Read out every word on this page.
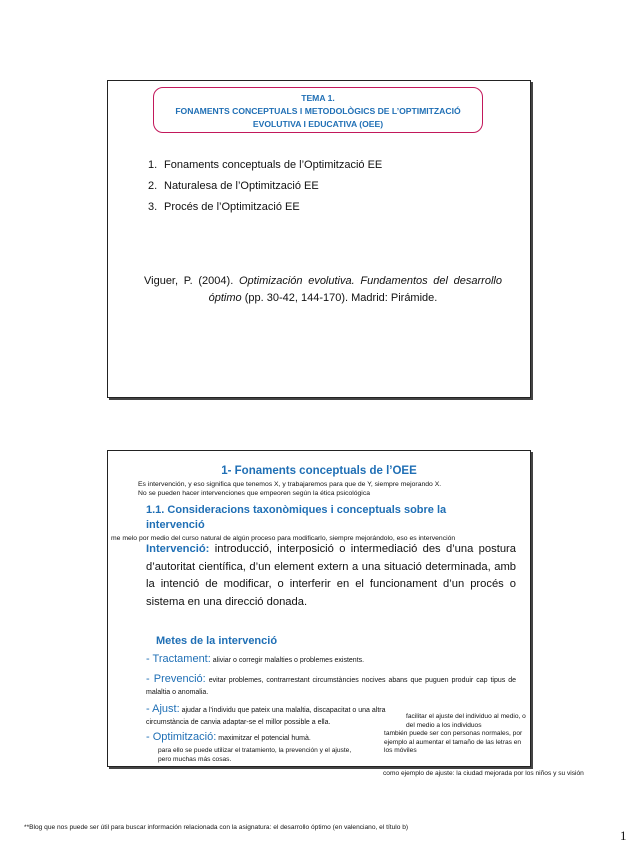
TEMA 1.
FONAMENTS CONCEPTUALS I METODOLÒGICS DE L’OPTIMITZACIÓ
EVOLUTIVA I EDUCATIVA (OEE)
1. Fonaments conceptuals de l’Optimització EE
2. Naturalesa de l’Optimització EE
3. Procés de l’Optimització EE
Viguer, P. (2004). Optimización evolutiva. Fundamentos del desarrollo óptimo (pp. 30-42, 144-170). Madrid: Pirámide.
1- Fonaments conceptuals de l’OEE
Es intervención, y eso significa que tenemos X, y trabajaremos para que de Y, siempre mejorando X.
No se pueden hacer intervenciones que empeoren según la ética psicológica
1.1. Consideracions taxonòmiques i conceptuals sobre la intervenció
me melo por medio del curso natural de algún proceso para modificarlo, siempre mejorándolo, eso es intervención
Intervenció: introducció, interposició o intermediació des d’una postura d’autoritat científica, d’un element extern a una situació determinada, amb la intenció de modificar, o interferir en el funcionament d’un procés o sistema en una direcció donada.
Metes de la intervenció
- Tractament: aliviar o corregir malalties o problemes existents.
- Prevenció: evitar problemes, contrarrestant circumstàncies nocives abans que puguen produir cap tipus de malaltia o anomalia.
- Ajust: ajudar a l’individu que pateix una malaltia, discapacitat o una altra circumstància de canvia adaptar-se el millor possible a ella.
- Optimització: maximitzar el potencial humà.
para ello se puede utilizar el tratamiento, la prevención y el ajuste, pero muchas más cosas.
facilitar el ajuste del individuo al medio, o del medio a los individuos
también puede ser con personas normales, por ejemplo al aumentar el tamaño de las letras en los móviles
como ejemplo de ajuste: la ciudad mejorada por los niños y su visión
**Blog que nos puede ser útil para buscar información relacionada con la asignatura: el desarrollo óptimo (en valenciano, el título b)
1
